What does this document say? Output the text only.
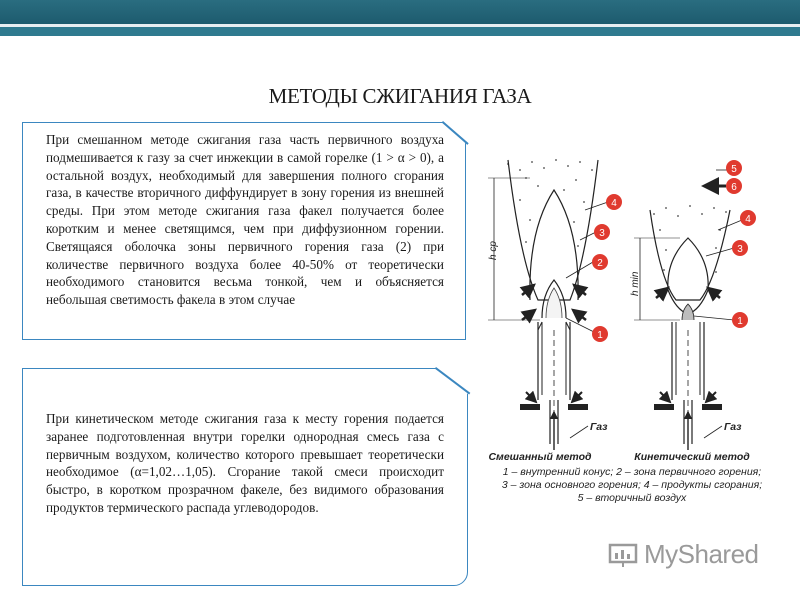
МЕТОДЫ СЖИГАНИЯ ГАЗА
При смешанном методе сжигания газа часть первичного воздуха подмешивается к газу за счет инжекции в самой горелке (1 > α > 0), а остальной воздух, необходимый для завершения полного сгорания газа, в качестве вторичного диффундирует в зону горения из внешней среды. При этом методе сжигания газа факел получается более коротким и менее светящимся, чем при диффузионном горении. Светящаяся оболочка зоны первичного горения газа (2) при количестве первичного воздуха более 40-50% от теоретически необходимого становится весьма тонкой, чем и объясняется небольшая светимость факела в этом случае
При кинетическом методе сжигания газа к месту горения подается заранее подготовленная внутри горелки однородная смесь газа с первичным воздухом, количество которого превышает теоретически необходимое (α=1,02…1,05). Сгорание такой смеси происходит быстро, в коротком прозрачном факеле, без видимого образования продуктов термического распада углеводородов.
h cp
Газ
h min
Газ
4
3
2
1
5
6
4
3
1
Смешанный метод	Кинетический метод
1 – внутренний конус; 2 – зона первичного горения;
3 – зона основного горения; 4 – продукты сгорания;
5 – вторичный воздух
MyShared
